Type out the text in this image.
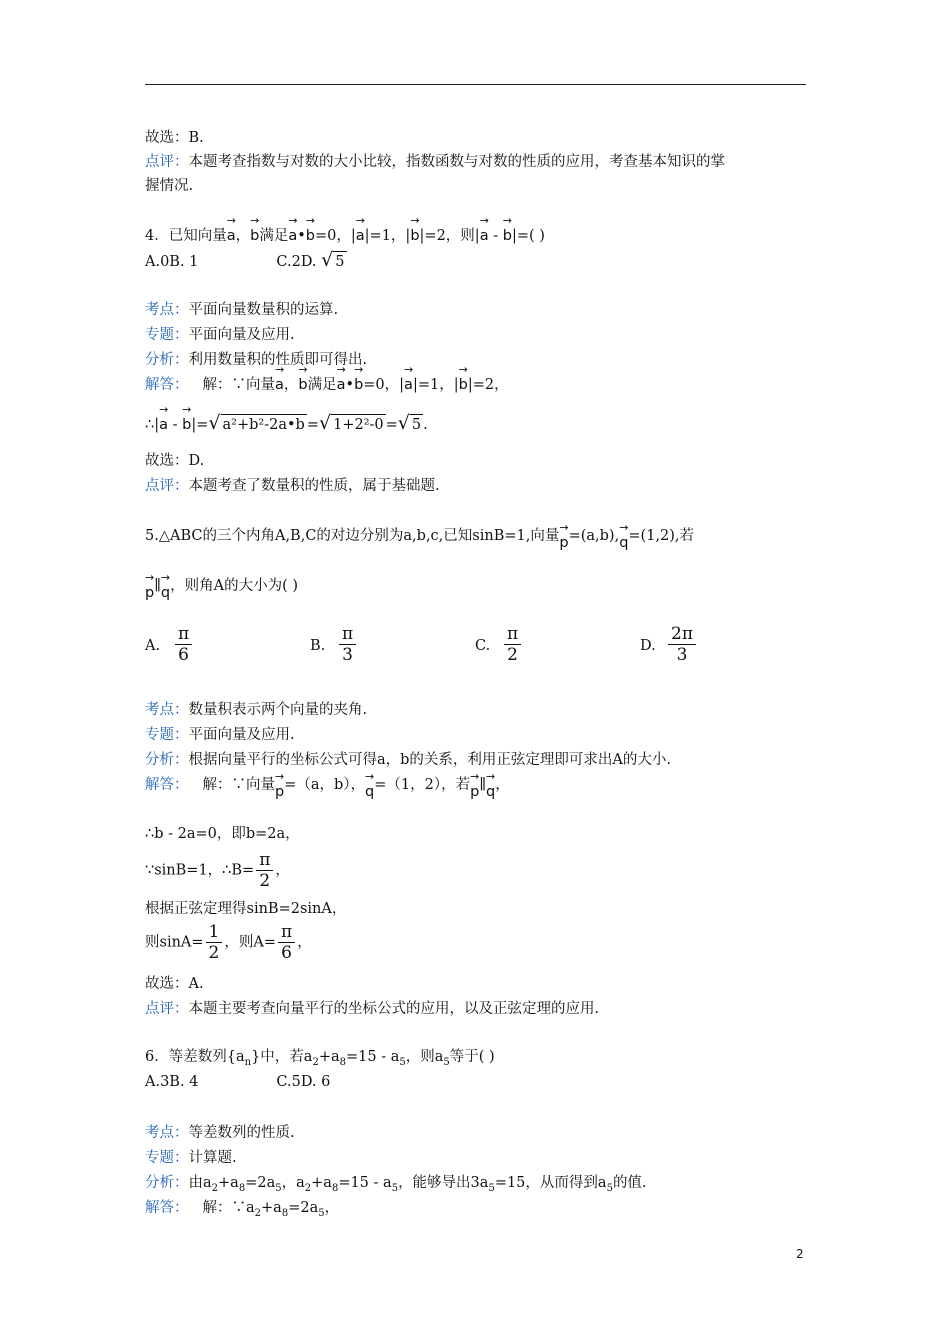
故选：B.
点评：本题考查指数与对数的大小比较，指数函数与对数的性质的应用，考查基本知识的掌
握情况.
4．已知向量→ a，→ b满足→ a•→ b=0，|→ a|=1，|→ b|=2，则|→ a - → b|=( )
A.0B. 1	C.2D. √ 5
考点：平面向量数量积的运算.
专题：平面向量及应用.
分析：利用数量积的性质即可得出.
解答： 解：∵向量→ a，→ b满足→ a•→ b=0，|→ a|=1，|→ b|=2，
∴|→ a - → b|=√ a²+b²-2a•b =√ 1+2²-0 =√ 5 .
故选：D.
点评：本题考查了数量积的性质，属于基础题.
5.△ABC的三个内角A,B,C的对边分别为a,b,c,已知sinB=1,向量→ p=(a,b),→ q=(1,2),若
→ p∥→ q，则角A的大小为( )
A. $\frac{\pi}{6}$	B. $\frac{\pi}{3}$	C. $\frac{\pi}{2}$	D. $\frac{2\pi}{3}$
考点：数量积表示两个向量的夹角.
专题：平面向量及应用.
分析：根据向量平行的坐标公式可得a，b的关系，利用正弦定理即可求出A的大小.
解答： 解：∵向量→ p=（a，b），→ q=（1，2），若→ p∥→ q，
∴b - 2a=0，即b=2a，
∵sinB=1，∴B= $\frac{\pi}{2}$ ，
根据正弦定理得sinB=2sinA，
则$\sin A= \frac{1}{2}$ ，则$A= \frac{\pi}{6}$ ，
故选：A.
点评：本题主要考查向量平行的坐标公式的应用，以及正弦定理的应用.
6．等差数列$\{a_n\}$中，若$a_2+a_8=15 - a_5$，则$a_5$等于( )
A.3B. 4	C.5D. 6
考点：等差数列的性质.
专题：计算题.
分析：由$a_2+a_8=2a_5$，$a_2+a_8=15 - a_5$，能够导出$3a_5=15$，从而得到$a_5$的值.
解答： 解：$\because a_2+a_8=2a_5$，
2
